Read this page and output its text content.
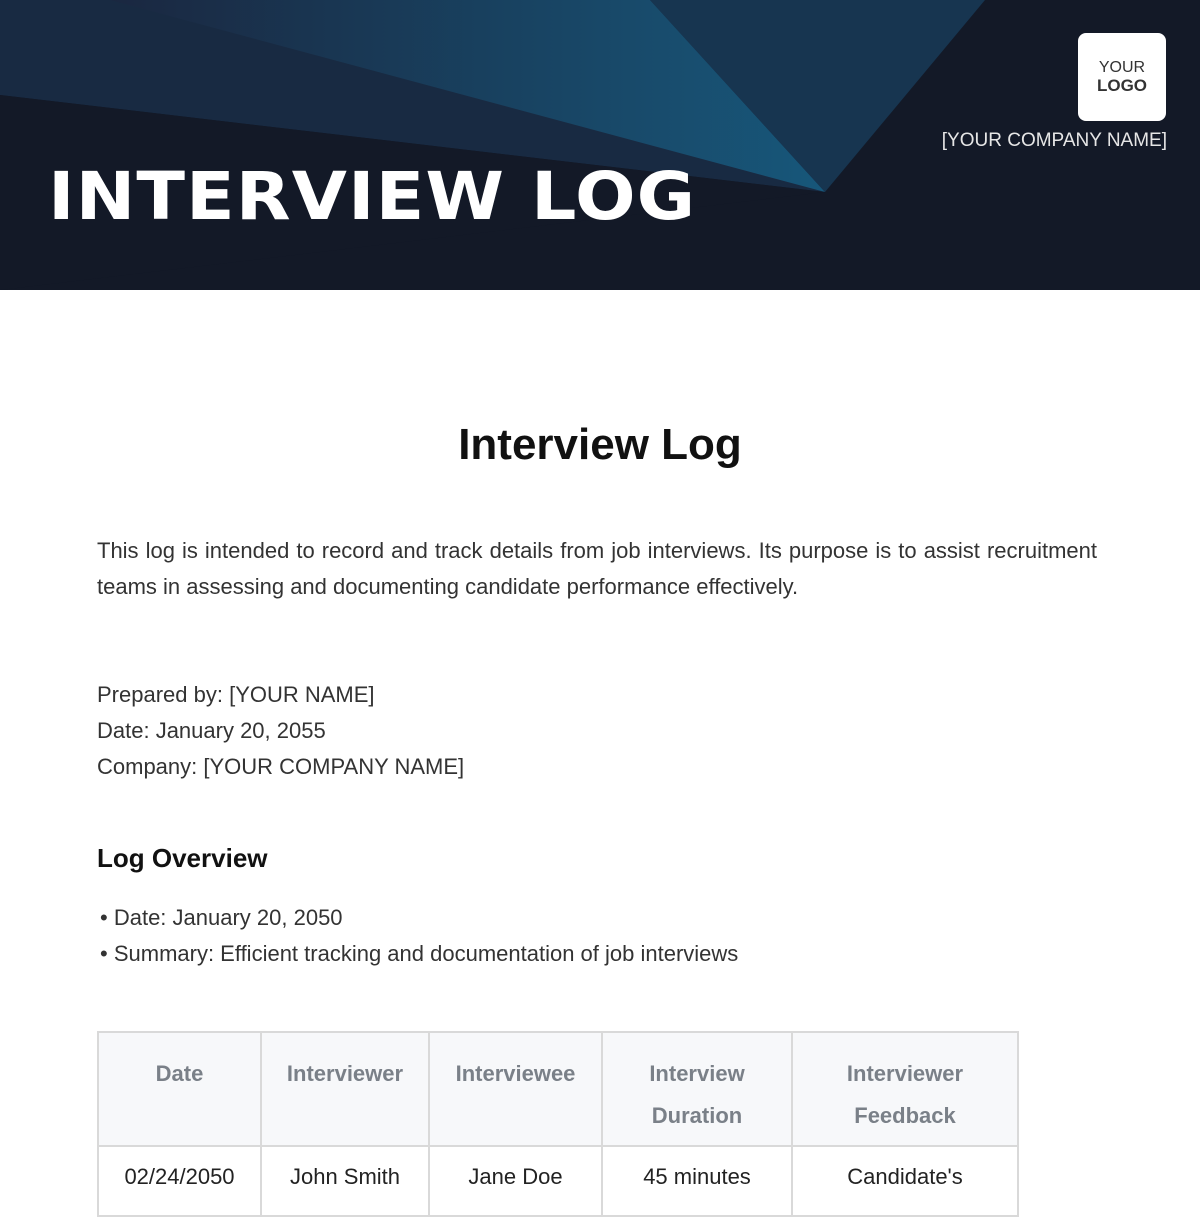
INTERVIEW LOG
YOUR
LOGO
[YOUR COMPANY NAME]
Interview Log

This log is intended to record and track details from job interviews. Its purpose is to assist recruitment teams in assessing and documenting candidate performance effectively.

Prepared by: [YOUR NAME]
Date: January 20, 2055
Company: [YOUR COMPANY NAME]
Log Overview
• Date: January 20, 2050
• Summary: Efficient tracking and documentation of job interviews
Date	Interviewer	Interviewee	Interview Duration	Interviewer Feedback
02/24/2050	John Smith	Jane Doe	45 minutes	Candidate's
